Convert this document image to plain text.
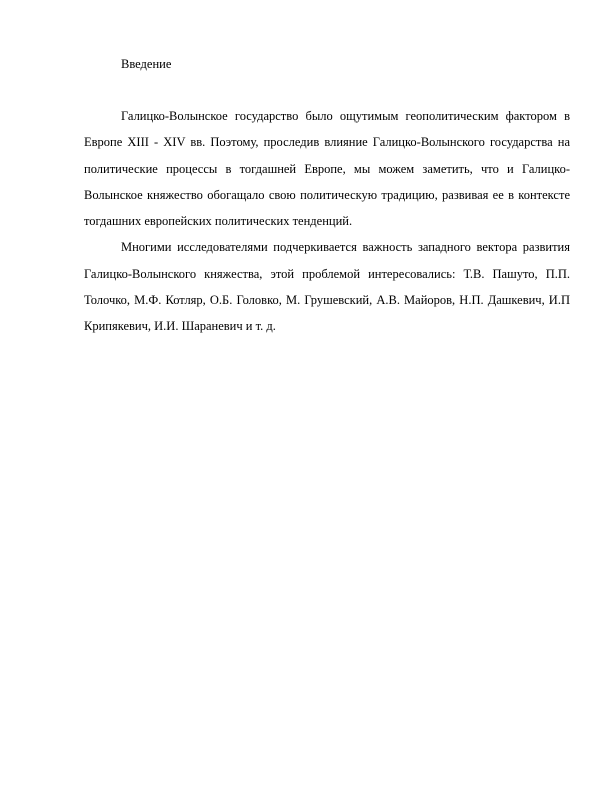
Введение

Галицко-Волынское государство было ощутимым геополитическим фактором в Европе XIII - XIV вв. Поэтому, проследив влияние Галицко-Волынского государства на политические процессы в тогдашней Европе, мы можем заметить, что и Галицко-Волынское княжество обогащало свою политическую традицию, развивая ее в контексте тогдашних европейских политических тенденций.

Многими исследователями подчеркивается важность западного вектора развития Галицко-Волынского княжества, этой проблемой интересовались: Т.В. Пашуто, П.П. Толочко, М.Ф. Котляр, О.Б. Головко, М. Грушевский, А.В. Майоров, Н.П. Дашкевич, И.П Крипякевич, И.И. Шараневич и т. д.
